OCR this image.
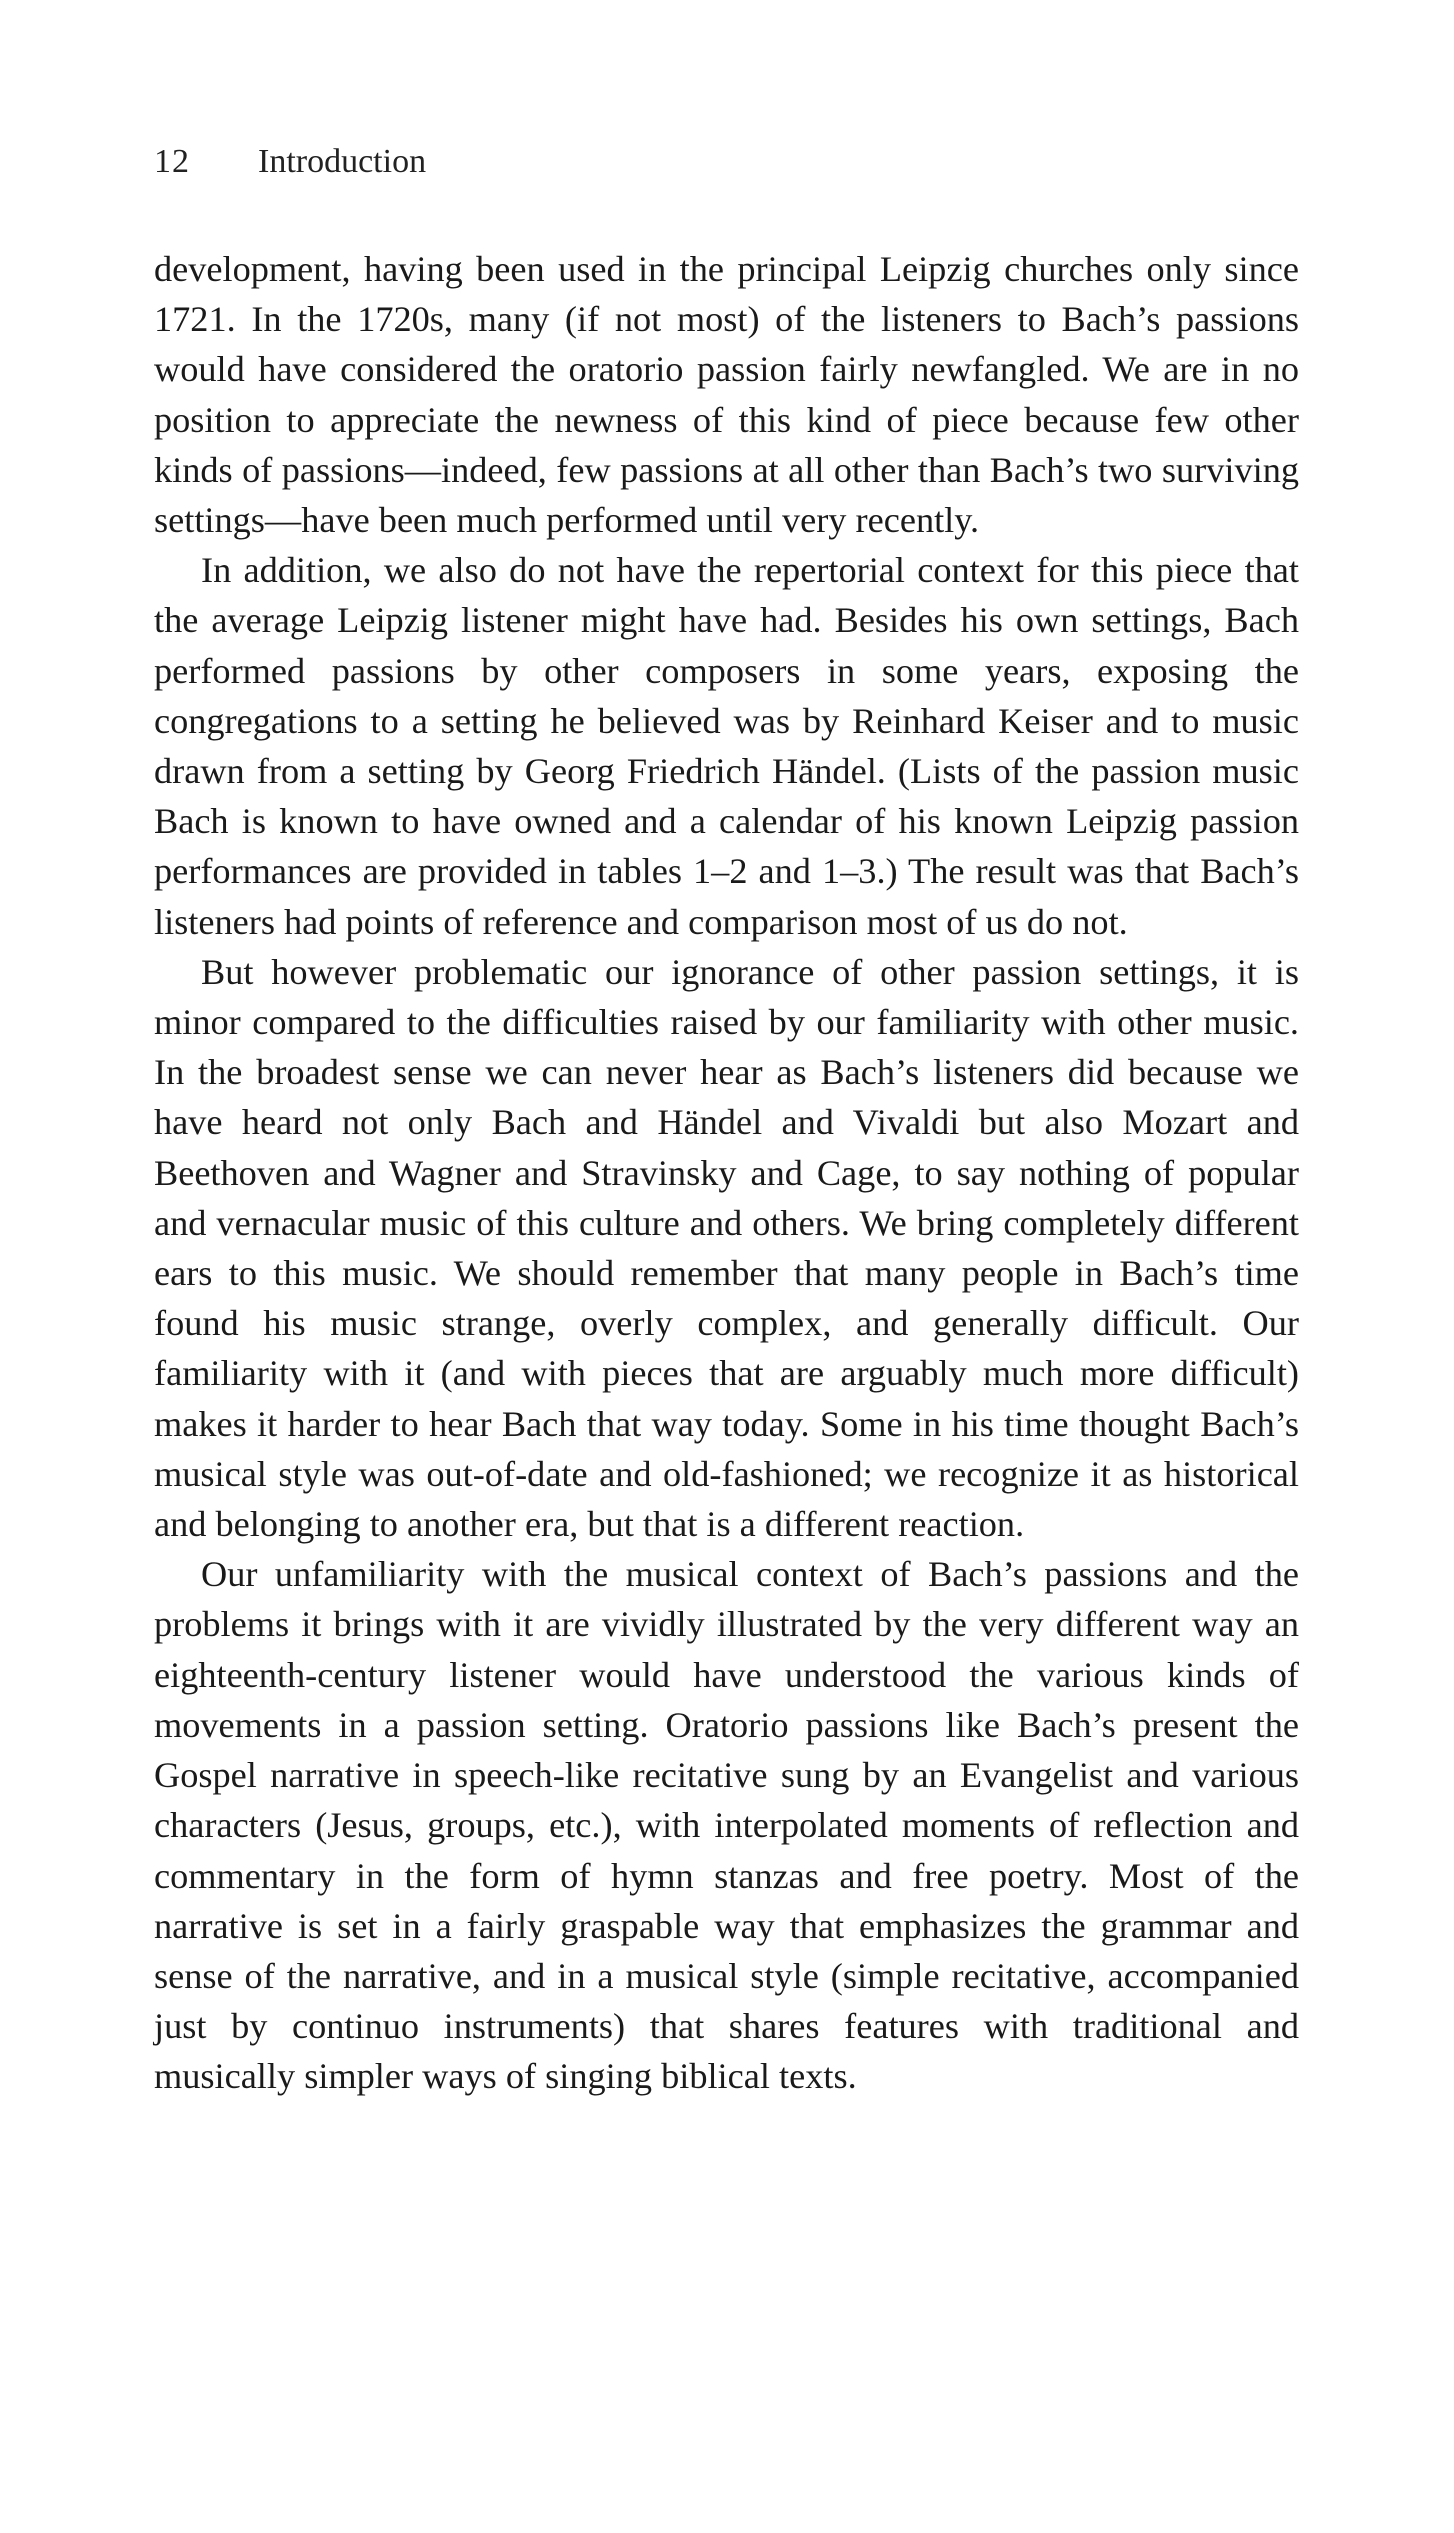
12 Introduction

development, having been used in the principal Leipzig churches only since 1721. In the 1720s, many (if not most) of the listeners to Bach’s passions would have considered the oratorio passion fairly newfangled. We are in no position to appreciate the newness of this kind of piece because few other kinds of passions—indeed, few passions at all other than Bach’s two surviving settings—have been much performed until very recently.

In addition, we also do not have the repertorial context for this piece that the average Leipzig listener might have had. Besides his own settings, Bach performed passions by other composers in some years, exposing the congregations to a setting he believed was by Reinhard Keiser and to music drawn from a setting by Georg Friedrich Händel. (Lists of the passion music Bach is known to have owned and a calendar of his known Leipzig passion performances are provided in tables 1–2 and 1–3.) The result was that Bach’s listeners had points of reference and comparison most of us do not.

But however problematic our ignorance of other passion settings, it is minor compared to the difficulties raised by our familiarity with other music. In the broadest sense we can never hear as Bach’s listeners did because we have heard not only Bach and Händel and Vivaldi but also Mozart and Beethoven and Wagner and Stravinsky and Cage, to say nothing of popular and vernacular music of this culture and others. We bring completely different ears to this music. We should remember that many people in Bach’s time found his music strange, overly complex, and generally difficult. Our familiarity with it (and with pieces that are arguably much more difficult) makes it harder to hear Bach that way today. Some in his time thought Bach’s musical style was out-of-date and old-fashioned; we recognize it as historical and belonging to another era, but that is a different reaction.

Our unfamiliarity with the musical context of Bach’s passions and the problems it brings with it are vividly illustrated by the very different way an eighteenth-century listener would have understood the various kinds of movements in a passion setting. Oratorio passions like Bach’s present the Gospel narrative in speech-like recitative sung by an Evangelist and various characters (Jesus, groups, etc.), with interpolated moments of reflection and commentary in the form of hymn stanzas and free poetry. Most of the narrative is set in a fairly graspable way that emphasizes the grammar and sense of the narrative, and in a musical style (simple recitative, accompanied just by continuo instruments) that shares features with traditional and musically simpler ways of singing biblical texts.
